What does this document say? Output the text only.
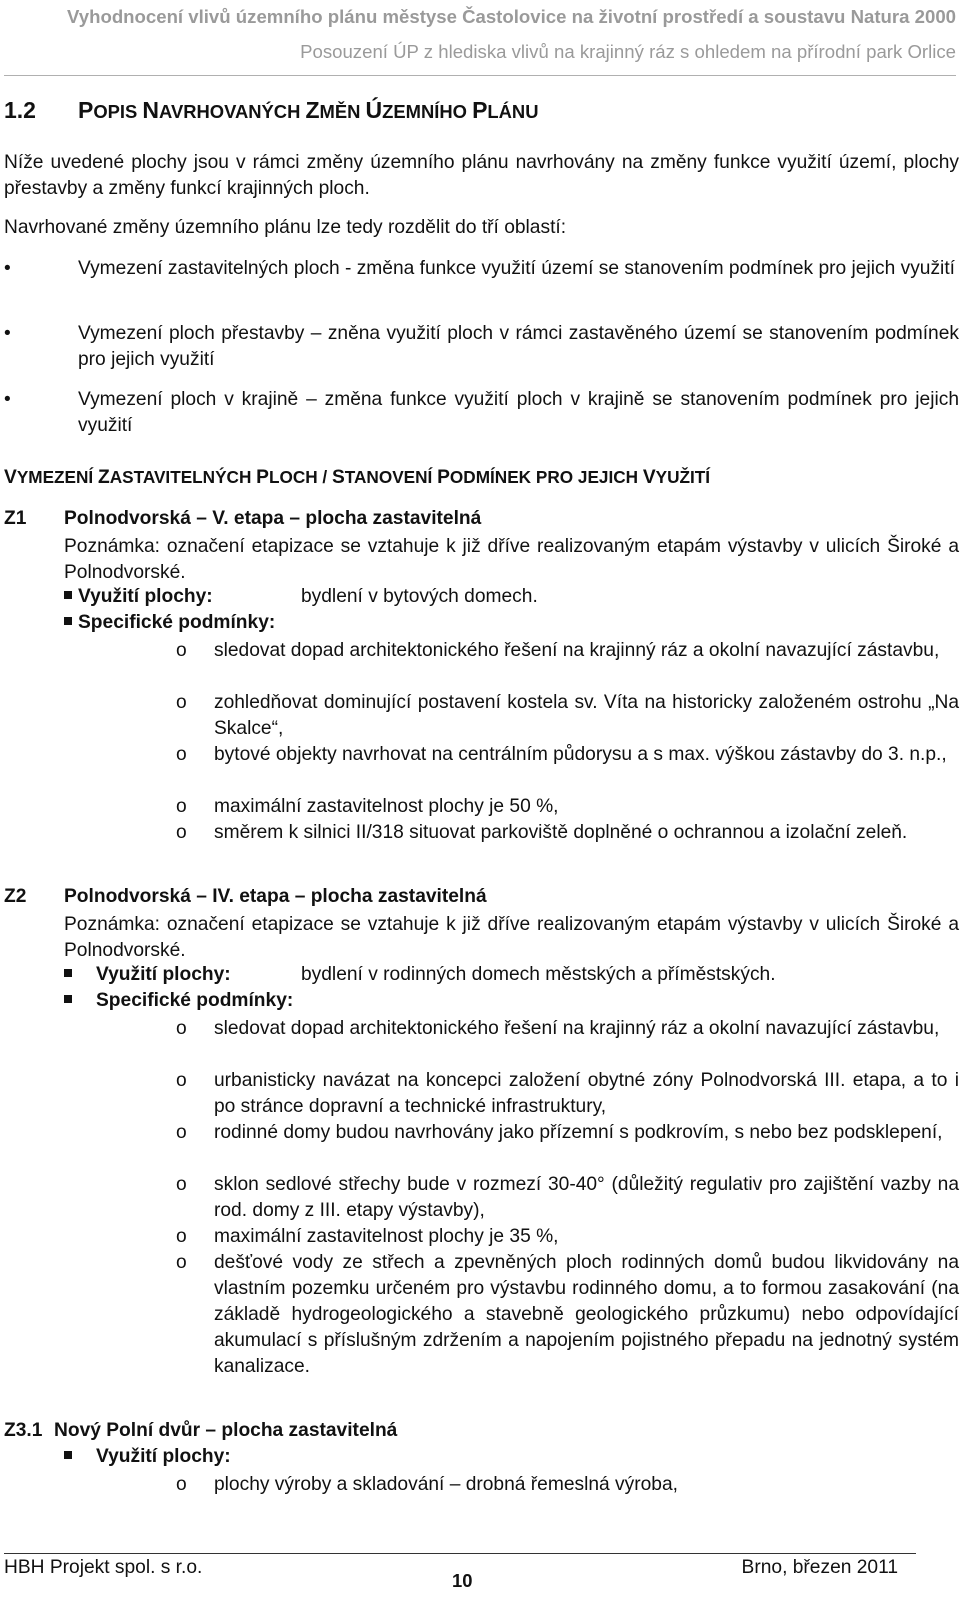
Vyhodnocení vlivů územního plánu městyse Častolovice na životní prostředí a soustavu Natura 2000
Posouzení ÚP z hlediska vlivů na krajinný ráz s ohledem na přírodní park Orlice
1.2 POPIS NAVRHOVANÝCH ZMĚN ÚZEMNÍHO PLÁNU
Níže uvedené plochy jsou v rámci změny územního plánu navrhovány na změny funkce využití území, plochy přestavby a změny funkcí krajinných ploch.
Navrhované změny územního plánu lze tedy rozdělit do tří oblastí:
•	Vymezení zastavitelných ploch - změna funkce využití území se stanovením podmínek pro jejich využití
•	Vymezení ploch přestavby – zněna využití ploch v rámci zastavěného území se stanovením podmínek pro jejich využití
•	Vymezení ploch v krajině – změna funkce využití ploch v krajině se stanovením podmínek pro jejich využití
VYMEZENÍ ZASTAVITELNÝCH PLOCH / STANOVENÍ PODMÍNEK PRO JEJICH VYUŽITÍ
Z1 Polnodvorská – V. etapa – plocha zastavitelná
Poznámka: označení etapizace se vztahuje k již dříve realizovaným etapám výstavby v ulicích Široké a Polnodvorské.
Využití plochy:	bydlení v bytových domech.
Specifické podmínky:
o sledovat dopad architektonického řešení na krajinný ráz a okolní navazující zástavbu,
o zohledňovat dominující postavení kostela sv. Víta na historicky založeném ostrohu „Na Skalce“,
o bytové objekty navrhovat na centrálním půdorysu a s max. výškou zástavby do 3. n.p.,
o maximální zastavitelnost plochy je 50 %,
o směrem k silnici II/318 situovat parkoviště doplněné o ochrannou a izolační zeleň.
Z2 Polnodvorská – IV. etapa – plocha zastavitelná
Poznámka: označení etapizace se vztahuje k již dříve realizovaným etapám výstavby v ulicích Široké a Polnodvorské.
Využití plochy:	bydlení v rodinných domech městských a příměstských.
Specifické podmínky:
o sledovat dopad architektonického řešení na krajinný ráz a okolní navazující zástavbu,
o urbanisticky navázat na koncepci založení obytné zóny Polnodvorská III. etapa, a to i po stránce dopravní a technické infrastruktury,
o rodinné domy budou navrhovány jako přízemní s podkrovím, s nebo bez podsklepení,
o sklon sedlové střechy bude v rozmezí 30-40° (důležitý regulativ pro zajištění vazby na rod. domy z III. etapy výstavby),
o maximální zastavitelnost plochy je 35 %,
o dešťové vody ze střech a zpevněných ploch rodinných domů budou likvidovány na vlastním pozemku určeném pro výstavbu rodinného domu, a to formou zasakování (na základě hydrogeologického a stavebně geologického průzkumu) nebo odpovídající akumulací s příslušným zdržením a napojením pojistného přepadu na jednotný systém kanalizace.
Z3.1 Nový Polní dvůr – plocha zastavitelná
Využití plochy:
o plochy výroby a skladování – drobná řemeslná výroba,
HBH Projekt spol. s r.o.
10
Brno, březen 2011
